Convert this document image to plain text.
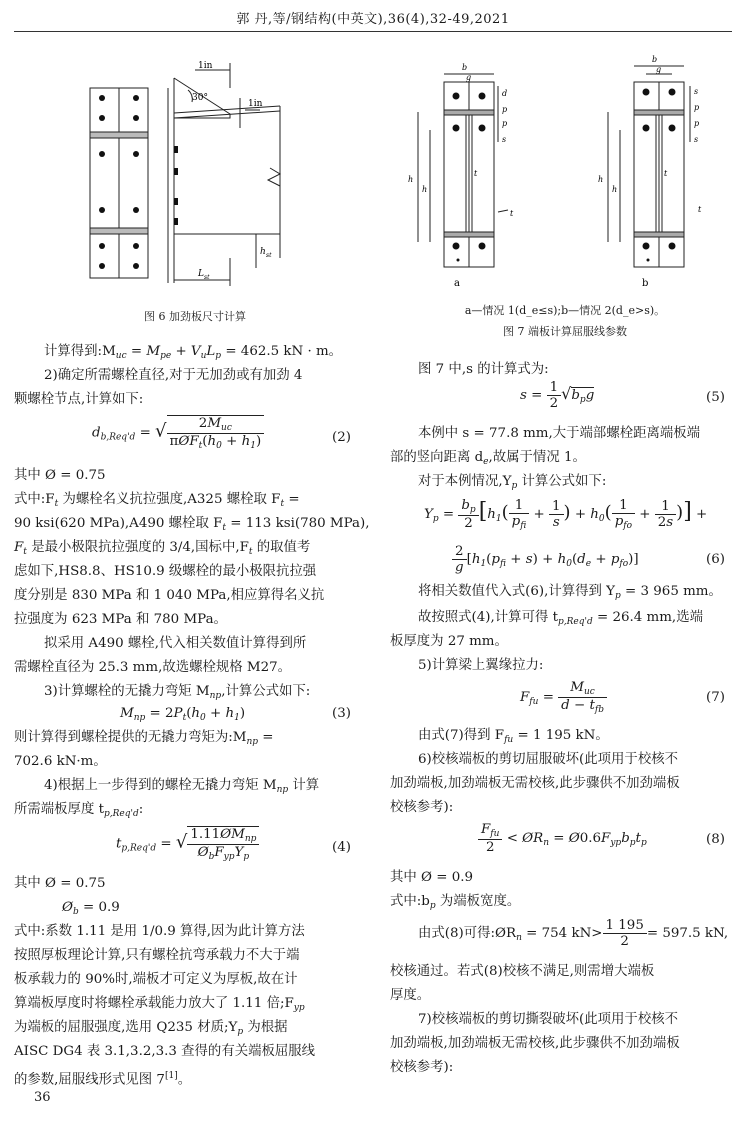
郭 丹,等/钢结构(中英文),36(4),32-49,2021
1in
1in
30°
h st
L st
图 6 加劲板尺寸计算
b
g
s
p
p
d
h
h
t
t
b
g
s
p
p
s
h
h
t
t
a	b
a—情况 1(d_e≤s);b—情况 2(d_e>s)。
图 7 端板计算屈服线参数
计算得到$:M_{uc} = M_{pe} + V_uL_p = 462.5$ kN · m。
2)确定所需螺栓直径,对于无加劲或有加劲 4
颗螺栓节点,计算如下:
$d_{b,Req'd}$ = √ $\frac{2M_{uc}}{\pi ØF_t(h_0 + h_1)}$	(2)
其中 Ø = 0.75
式中$:F_t$ 为螺栓名义抗拉强度,A325 螺栓取 $F_t$ =
90 ksi(620 MPa),A490 螺栓取 $F_t = 113$ ksi(780 MPa),
$F_t$ 是最小极限抗拉强度的 3/4,国标中$,F_t$ 的取值考
虑如下,HS8.8、HS10.9 级螺栓的最小极限抗拉强
度分别是 830 MPa 和 1 040 MPa,相应算得名义抗
拉强度为 623 MPa 和 780 MPa。
拟采用 A490 螺栓,代入相关数值计算得到所
需螺栓直径为 25.3 mm,故选螺栓规格 M27。
3)计算螺栓的无撬力弯矩 $M_{np}$,计算公式如下:
$M_{np} = 2P_t(h_0 + h_1)$	(3)
则计算得到螺栓提供的无撬力弯矩为$:M_{np}$ =
702.6 kN·m。
4)根据上一步得到的螺栓无撬力弯矩 $M_{np}$ 计算
所需端板厚度 $t_{p,Req'd}$:
$t_{p,Req'd}$ = √ $\frac{1.11ØM_{np}}{Ø_bF_{yp}Y_p}$	(4)
其中 Ø = 0.75
$Ø_b = 0.9$
式中:系数 1.11 是用 1/0.9 算得,因为此计算方法
按照厚板理论计算,只有螺栓抗弯承载力不大于端
板承载力的 90%时,端板才可定义为厚板,故在计
算端板厚度时将螺栓承载能力放大了 1.11 倍$;F_{yp}$
为端板的屈服强度,选用 Q235 材质$;Y_p$ 为根据
AISC DG4 表 3.1,3.2,3.3 查得的有关端板屈服线
的参数,屈服线形式见图 7[1]。
图 7 中,s 的计算式为:
$s = \frac{1}{2} √b_pg$	(5)
本例中 s = 77.8 mm,大于端部螺栓距离端板端
部的竖向距离 $d_e$,故属于情况 1。
对于本例情况$,Y_p$ 计算公式如下:
$Y_p = \frac{b_p}{2} [h_1( \frac{1}{p_{fi}} + \frac{1}{s}$ ) + $h_0( \frac{1}{p_{fo}} + \frac{1}{2s}$ )] +
$\frac{2}{g} [h_1(p_{fi} + s) + h_0(d_e + p_{fo})]$	(6)
将相关数值代入式(6),计算得到 $Y_p = 3$ 965 mm。
故按照式(4),计算可得 $t_{p,Req'd} = 26.4$ mm,选端
板厚度为 27 mm。
5)计算梁上翼缘拉力:
$F_{fu} = \frac{M_{uc}}{d - t_{fb}}$	(7)
由式(7)得到 $F_{fu} = 1$ 195 kN。
6)校核端板的剪切屈服破坏(此项用于校核不
加劲端板,加劲端板无需校核,此步骤供不加劲端板
校核参考):
$\frac{F_{fu}}{2}$ < $ØR_n$ = $Ø0.6F_{yp}b_pt_p$	(8)
其中 Ø = 0.9
式中$:b_p$ 为端板宽度。
由式(8)可得$:ØR_n = 754$ $kN> \frac{1 195}{2} = 597.5$ kN,
校核通过。若式(8)校核不满足,则需增大端板
厚度。
7)校核端板的剪切撕裂破坏(此项用于校核不
加劲端板,加劲端板无需校核,此步骤供不加劲端板
校核参考):
36
